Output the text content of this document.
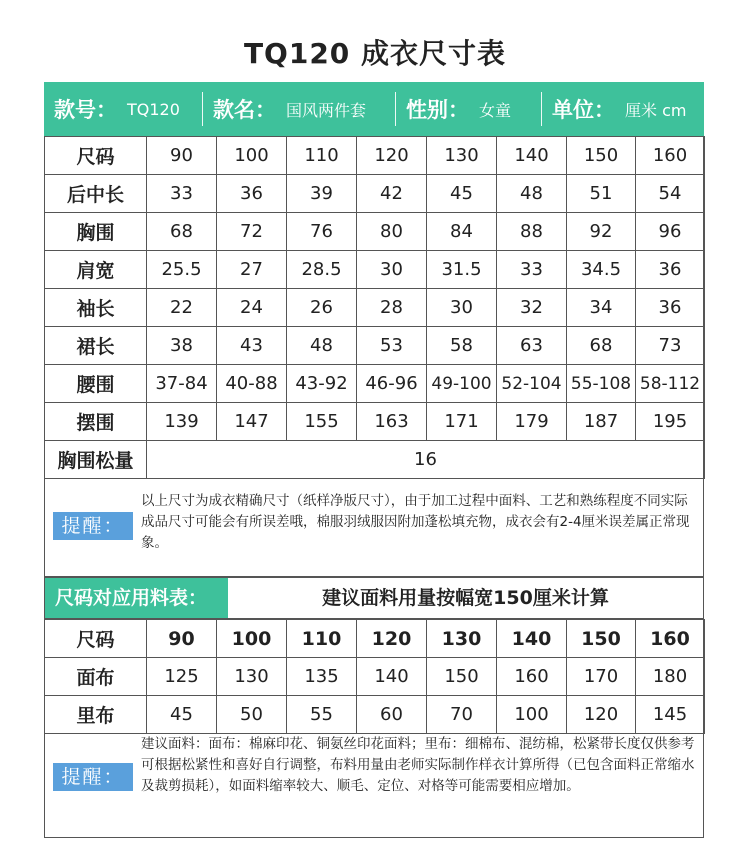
TQ120 成衣尺寸表
款号： TQ120 款名： 国风两件套 性别： 女童 单位： 厘米 cm
尺码	90	100	110	120	130	140	150	160
后中长	33	36	39	42	45	48	51	54
胸围	68	72	76	80	84	88	92	96
肩宽	25.5	27	28.5	30	31.5	33	34.5	36
袖长	22	24	26	28	30	32	34	36
裙长	38	43	48	53	58	63	68	73
腰围	37-84	40-88	43-92	46-96	49-100	52-104	55-108	58-112
摆围	139	147	155	163	171	179	187	195
胸围松量	16							
提醒：
以上尺寸为成衣精确尺寸（纸样净版尺寸），由于加工过程中面料、工艺和熟练程度不同实际成品尺寸可能会有所误差哦，棉服羽绒服因附加蓬松填充物，成衣会有2-4厘米误差属正常现象。
尺码对应用料表：	建议面料用量按幅宽150厘米计算
尺码	90	100	110	120	130	140	150	160
面布	125	130	135	140	150	160	170	180
里布	45	50	55	60	70	100	120	145
提醒：
建议面料：面布：棉麻印花、铜氨丝印花面料；里布：细棉布、混纺棉，松紧带长度仅供参考可根据松紧性和喜好自行调整，布料用量由老师实际制作样衣计算所得（已包含面料正常缩水及裁剪损耗），如面料缩率较大、顺毛、定位、对格等可能需要相应增加。
